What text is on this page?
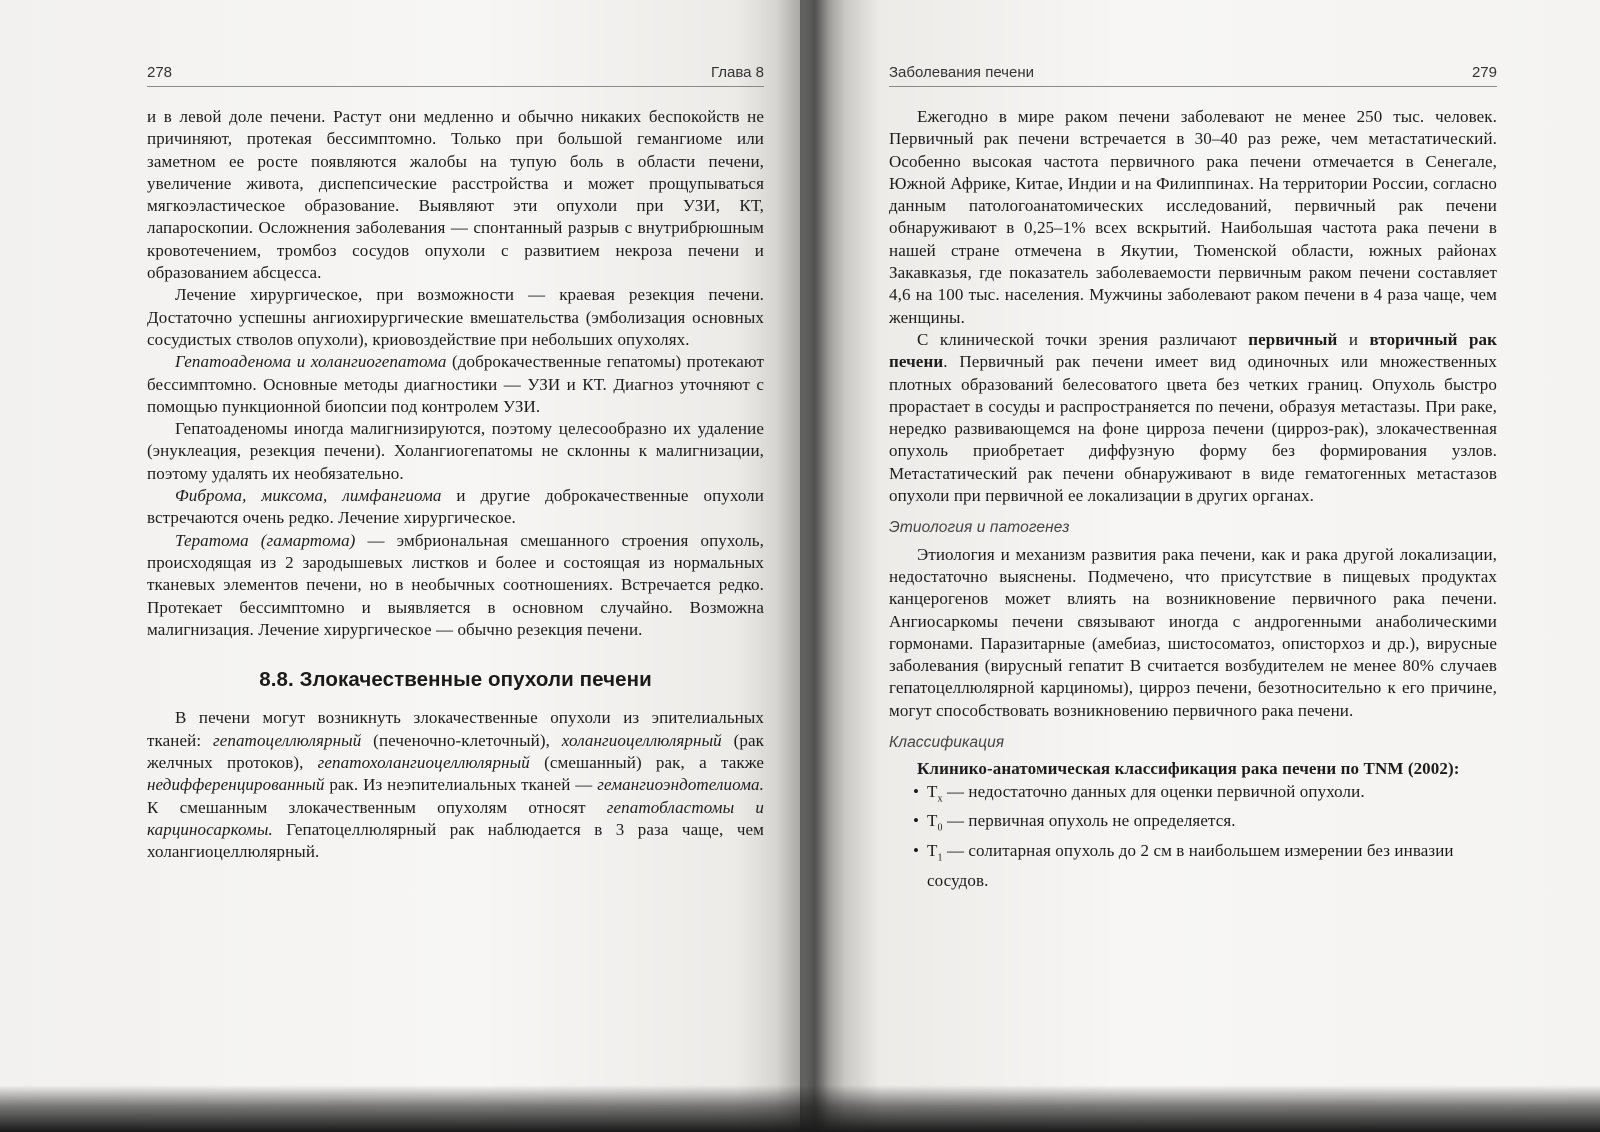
278	Глава 8

и в левой доле печени. Растут они медленно и обычно никаких беспокойств не причиняют, протекая бессимптомно. Только при большой гемангиоме или заметном ее росте появляются жалобы на тупую боль в области печени, увеличение живота, диспепсические расстройства и может прощупываться мягкоэластическое образование. Выявляют эти опухоли при УЗИ, КТ, лапароскопии. Осложнения заболевания — спонтанный разрыв с внутрибрюшным кровотечением, тромбоз сосудов опухоли с развитием некроза печени и образованием абсцесса.

Лечение хирургическое, при возможности — краевая резекция печени. Достаточно успешны ангиохирургические вмешательства (эмболизация основных сосудистых стволов опухоли), криовоздействие при небольших опухолях.

Гепатоаденома и холангиогепатома (доброкачественные гепатомы) протекают бессимптомно. Основные методы диагностики — УЗИ и КТ. Диагноз уточняют с помощью пункционной биопсии под контролем УЗИ.

Гепатоаденомы иногда малигнизируются, поэтому целесообразно их удаление (энуклеация, резекция печени). Холангиогепатомы не склонны к малигнизации, поэтому удалять их необязательно.

Фиброма, миксома, лимфангиома и другие доброкачественные опухоли встречаются очень редко. Лечение хирургическое.

Тератома (гамартома) — эмбриональная смешанного строения опухоль, происходящая из 2 зародышевых листков и более и состоящая из нормальных тканевых элементов печени, но в необычных соотношениях. Встречается редко. Протекает бессимптомно и выявляется в основном случайно. Возможна малигнизация. Лечение хирургическое — обычно резекция печени.

8.8. Злокачественные опухоли печени

В печени могут возникнуть злокачественные опухоли из эпителиальных тканей: гепатоцеллюлярный (печеночно-клеточный), холангиоцеллюлярный (рак желчных протоков), гепатохолангиоцеллюлярный (смешанный) рак, а также недифференцированный рак. Из неэпителиальных тканей — гемангиоэндотелиома. К смешанным злокачественным опухолям относят гепатобластомы и карциносаркомы. Гепатоцеллюлярный рак наблюдается в 3 раза чаще, чем холангиоцеллюлярный.

Заболевания печени	279

Ежегодно в мире раком печени заболевают не менее 250 тыс. человек. Первичный рак печени встречается в 30–40 раз реже, чем метастатический. Особенно высокая частота первичного рака печени отмечается в Сенегале, Южной Африке, Китае, Индии и на Филиппинах. На территории России, согласно данным патологоанатомических исследований, первичный рак печени обнаруживают в 0,25–1% всех вскрытий. Наибольшая частота рака печени в нашей стране отмечена в Якутии, Тюменской области, южных районах Закавказья, где показатель заболеваемости первичным раком печени составляет 4,6 на 100 тыс. населения. Мужчины заболевают раком печени в 4 раза чаще, чем женщины.

С клинической точки зрения различают первичный и вторичный рак печени. Первичный рак печени имеет вид одиночных или множественных плотных образований белесоватого цвета без четких границ. Опухоль быстро прорастает в сосуды и распространяется по печени, образуя метастазы. При раке, нередко развивающемся на фоне цирроза печени (цирроз-рак), злокачественная опухоль приобретает диффузную форму без формирования узлов. Метастатический рак печени обнаруживают в виде гематогенных метастазов опухоли при первичной ее локализации в других органах.

Этиология и патогенез

Этиология и механизм развития рака печени, как и рака другой локализации, недостаточно выяснены. Подмечено, что присутствие в пищевых продуктах канцерогенов может влиять на возникновение первичного рака печени. Ангиосаркомы печени связывают иногда с андрогенными анаболическими гормонами. Паразитарные (амебиаз, шистосоматоз, описторхоз и др.), вирусные заболевания (вирусный гепатит B считается возбудителем не менее 80% случаев гепатоцеллюлярной карциномы), цирроз печени, безотносительно к его причине, могут способствовать возникновению первичного рака печени.

Классификация

Клинико-анатомическая классификация рака печени по TNM (2002):

• $T_x$ — недостаточно данных для оценки первичной опухоли.
• $T_0$ — первичная опухоль не определяется.
• $T_1$ — солитарная опухоль до 2 см в наибольшем измерении без инвазии сосудов.
